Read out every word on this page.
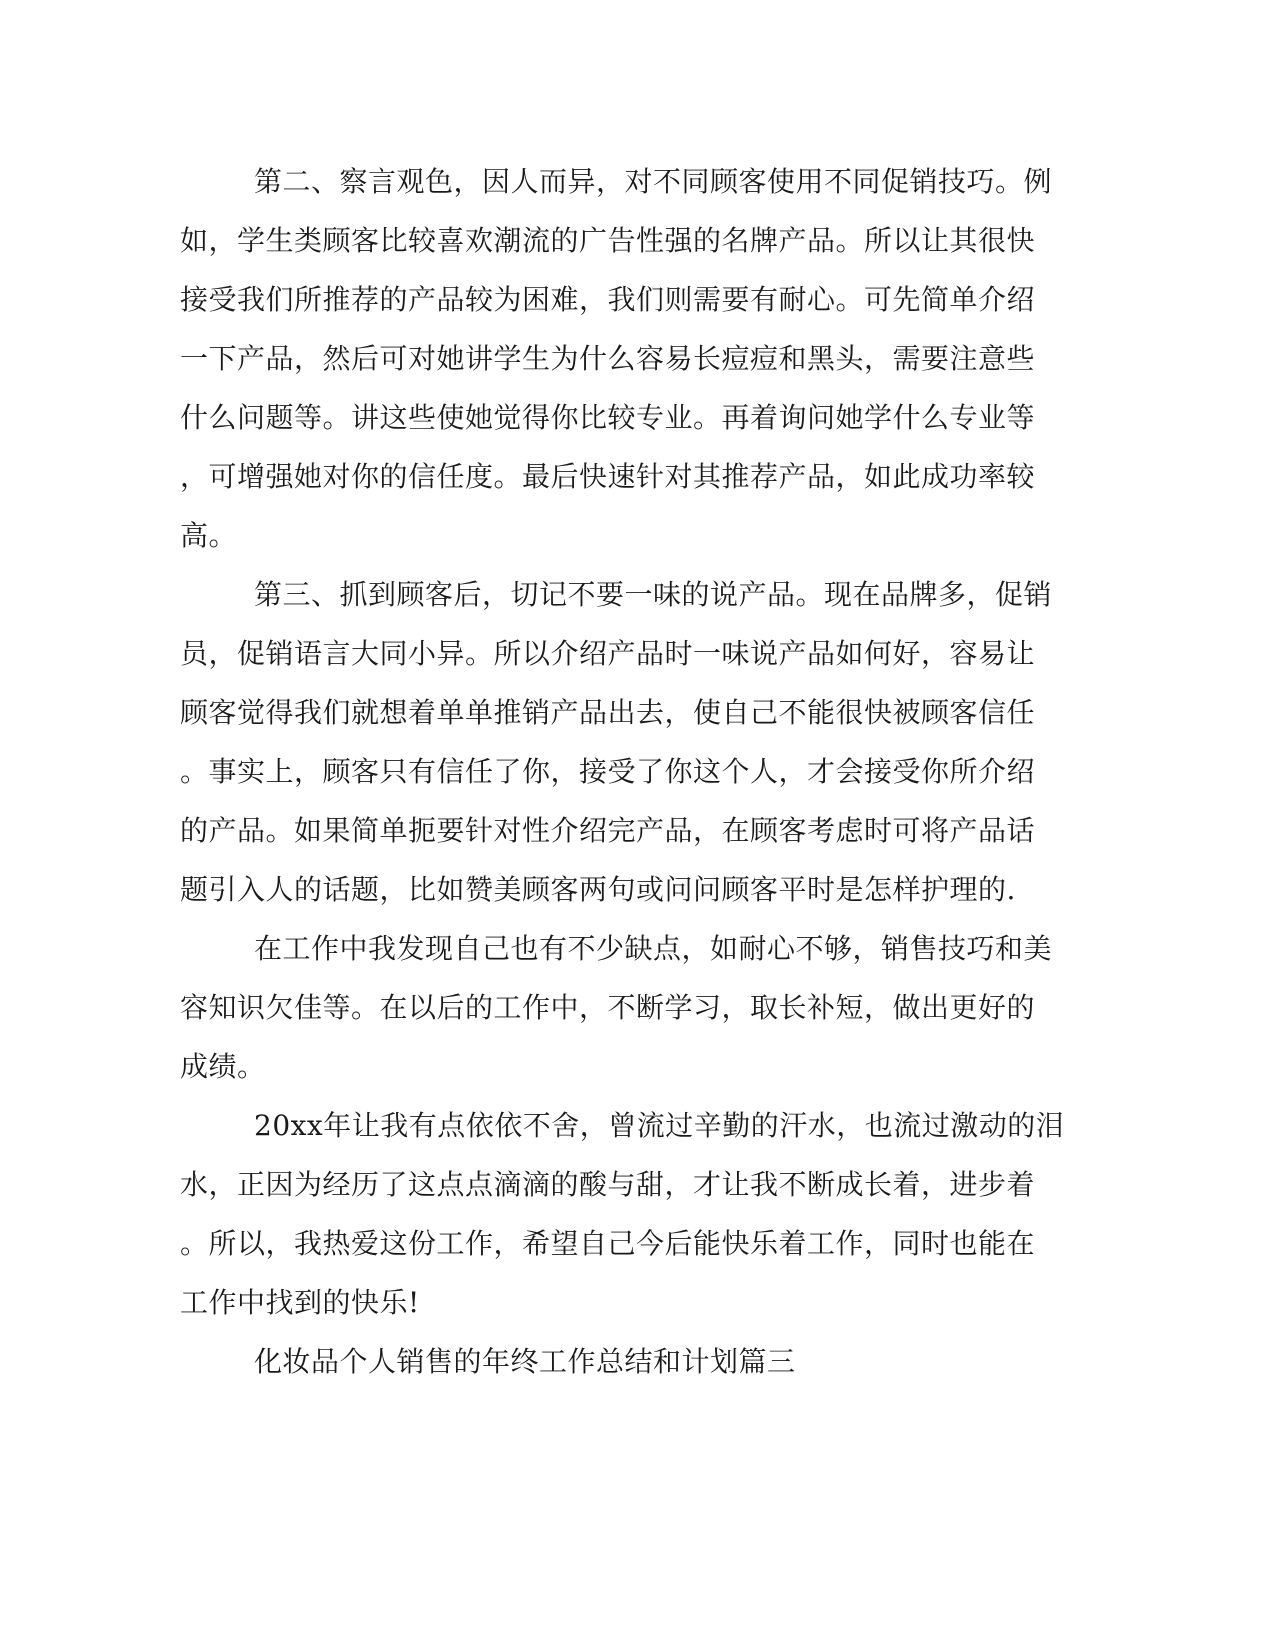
第二、察言观色，因人而异，对不同顾客使用不同促销技巧。例
如，学生类顾客比较喜欢潮流的广告性强的名牌产品。所以让其很快
接受我们所推荐的产品较为困难，我们则需要有耐心。可先简单介绍
一下产品，然后可对她讲学生为什么容易长痘痘和黑头，需要注意些
什么问题等。讲这些使她觉得你比较专业。再着询问她学什么专业等
，可增强她对你的信任度。最后快速针对其推荐产品，如此成功率较
高。
第三、抓到顾客后，切记不要一味的说产品。现在品牌多，促销
员，促销语言大同小异。所以介绍产品时一味说产品如何好，容易让
顾客觉得我们就想着单单推销产品出去，使自己不能很快被顾客信任
。事实上，顾客只有信任了你，接受了你这个人，才会接受你所介绍
的产品。如果简单扼要针对性介绍完产品，在顾客考虑时可将产品话
题引入人的话题，比如赞美顾客两句或问问顾客平时是怎样护理的.
在工作中我发现自己也有不少缺点，如耐心不够，销售技巧和美
容知识欠佳等。在以后的工作中，不断学习，取长补短，做出更好的
成绩。
20xx年让我有点依依不舍，曾流过辛勤的汗水，也流过激动的泪
水，正因为经历了这点点滴滴的酸与甜，才让我不断成长着，进步着
。所以，我热爱这份工作，希望自己今后能快乐着工作，同时也能在
工作中找到的快乐!
化妆品个人销售的年终工作总结和计划篇三
